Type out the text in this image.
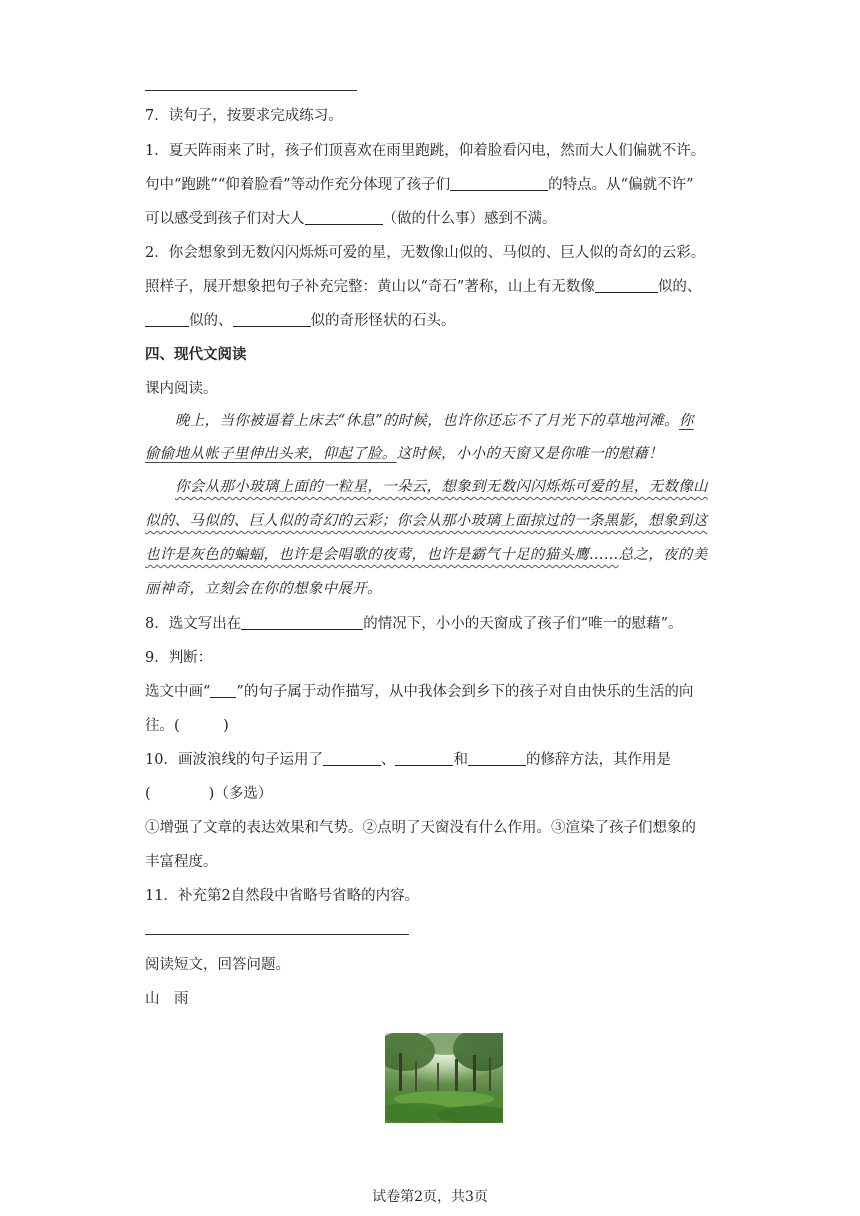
7．读句子，按要求完成练习。
1．夏天阵雨来了时，孩子们顶喜欢在雨里跑跳，仰着脸看闪电，然而大人们偏就不许。
句中“跑跳”“仰着脸看”等动作充分体现了孩子们	的特点。从“偏就不许”
可以感受到孩子们对大人	（做的什么事）感到不满。
2．你会想象到无数闪闪烁烁可爱的星，无数像山似的、马似的、巨人似的奇幻的云彩。
照样子，展开想象把句子补充完整：黄山以“奇石”著称，山上有无数像	似的、
似的、	似的奇形怪状的石头。
四、现代文阅读
课内阅读。
晚上，当你被逼着上床去“休息”的时候，也许你还忘不了月光下的草地河滩。你
偷偷地从帐子里伸出头来，仰起了脸。这时候，小小的天窗又是你唯一的慰藉！
你会从那小玻璃上面的一粒星，一朵云，想象到无数闪闪烁烁可爱的星，无数像山
似的、马似的、巨人似的奇幻的云彩；你会从那小玻璃上面掠过的一条黑影，想象到这
也许是灰色的蝙蝠，也许是会唱歌的夜莺，也许是霸气十足的猫头鹰……总之，夜的美
丽神奇，立刻会在你的想象中展开。
8．选文写出在	的情况下，小小的天窗成了孩子们“唯一的慰藉”。
9．判断：
选文中画“ ”的句子属于动作描写，从中我体会到乡下的孩子对自由快乐的生活的向
往。(　　　)
10．画波浪线的句子运用了	、	和	的修辞方法，其作用是
(　　　　)（多选）
①增强了文章的表达效果和气势。②点明了天窗没有什么作用。③渲染了孩子们想象的
丰富程度。
11．补充第2自然段中省略号省略的内容。
阅读短文，回答问题。
山　雨
试卷第2页，共3页
